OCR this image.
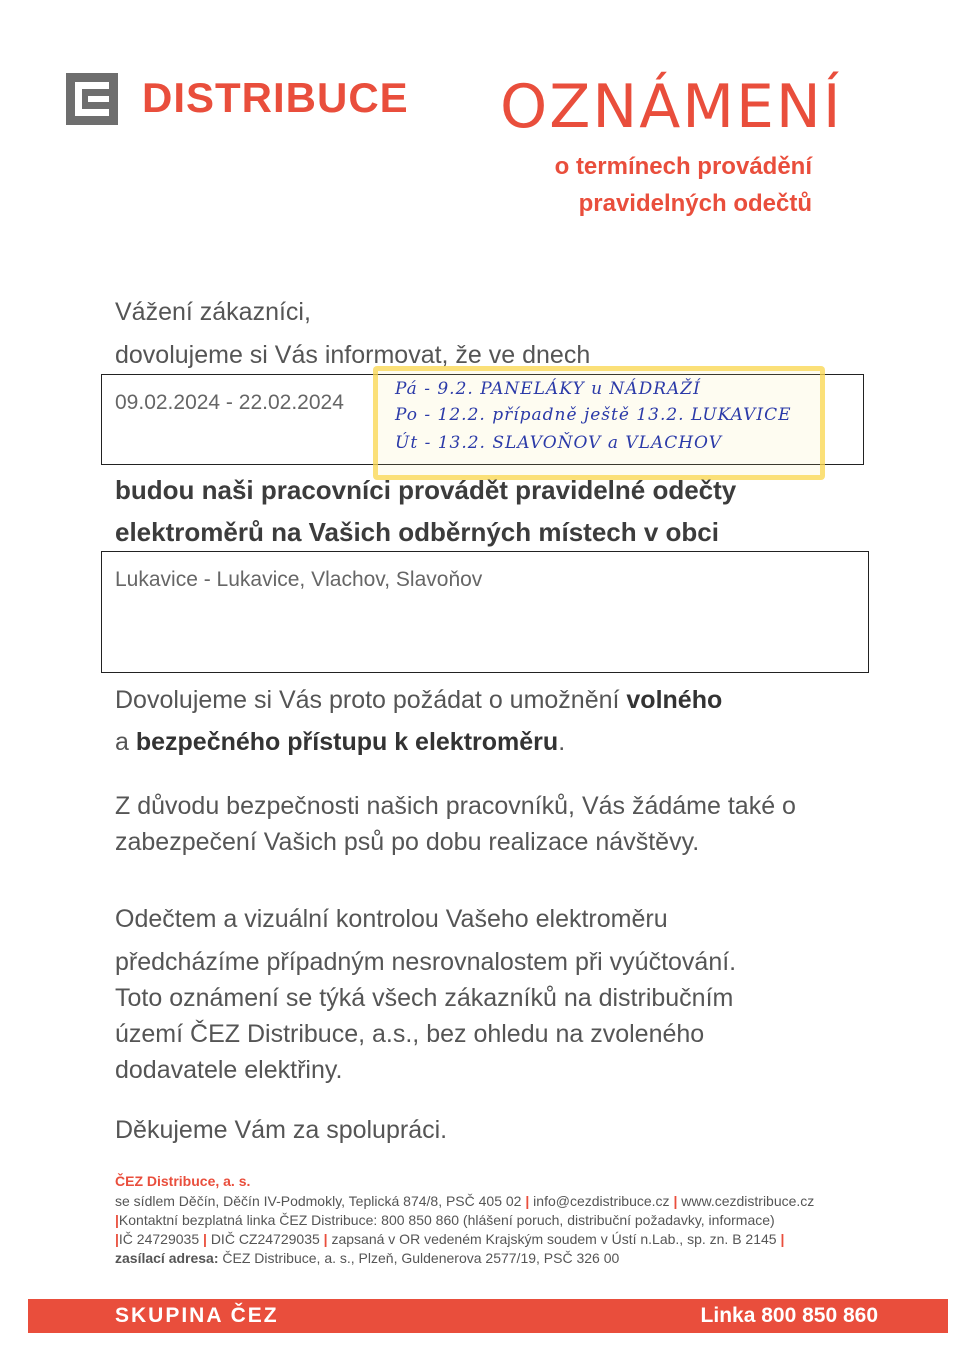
DISTRIBUCE OZNÁMENÍ
o termínech provádění
pravidelných odečtů
Vážení zákazníci,
dovolujeme si Vás informovat, že ve dnech
09.02.2024 - 22.02.2024
Pá - 9.2. PANELÁKY u NÁDRAŽÍ
Po - 12.2. případně ještě 13.2. LUKAVICE
Út - 13.2. SLAVOŇOV a VLACHOV
budou naši pracovníci provádět pravidelné odečty
elektroměrů na Vašich odběrných místech v obci
Lukavice - Lukavice, Vlachov, Slavoňov
Dovolujeme si Vás proto požádat o umožnění volného
a bezpečného přístupu k elektroměru.
Z důvodu bezpečnosti našich pracovníků, Vás žádáme také o
zabezpečení Vašich psů po dobu realizace návštěvy.
Odečtem a vizuální kontrolou Vašeho elektroměru
předcházíme případným nesrovnalostem při vyúčtování.
Toto oznámení se týká všech zákazníků na distribučním
území ČEZ Distribuce, a.s., bez ohledu na zvoleného
dodavatele elektřiny.
Děkujeme Vám za spolupráci.
ČEZ Distribuce, a. s.
se sídlem Děčín, Děčín IV-Podmokly, Teplická 874/8, PSČ 405 02 | info@cezdistribuce.cz | www.cezdistribuce.cz
|Kontaktní bezplatná linka ČEZ Distribuce: 800 850 860 (hlášení poruch, distribuční požadavky, informace)
|IČ 24729035 | DIČ CZ24729035 | zapsaná v OR vedeném Krajským soudem v Ústí n.Lab., sp. zn. B 2145 |
zasílací adresa: ČEZ Distribuce, a. s., Plzeň, Guldenerova 2577/19, PSČ 326 00
SKUPINA ČEZ	Linka 800 850 860
